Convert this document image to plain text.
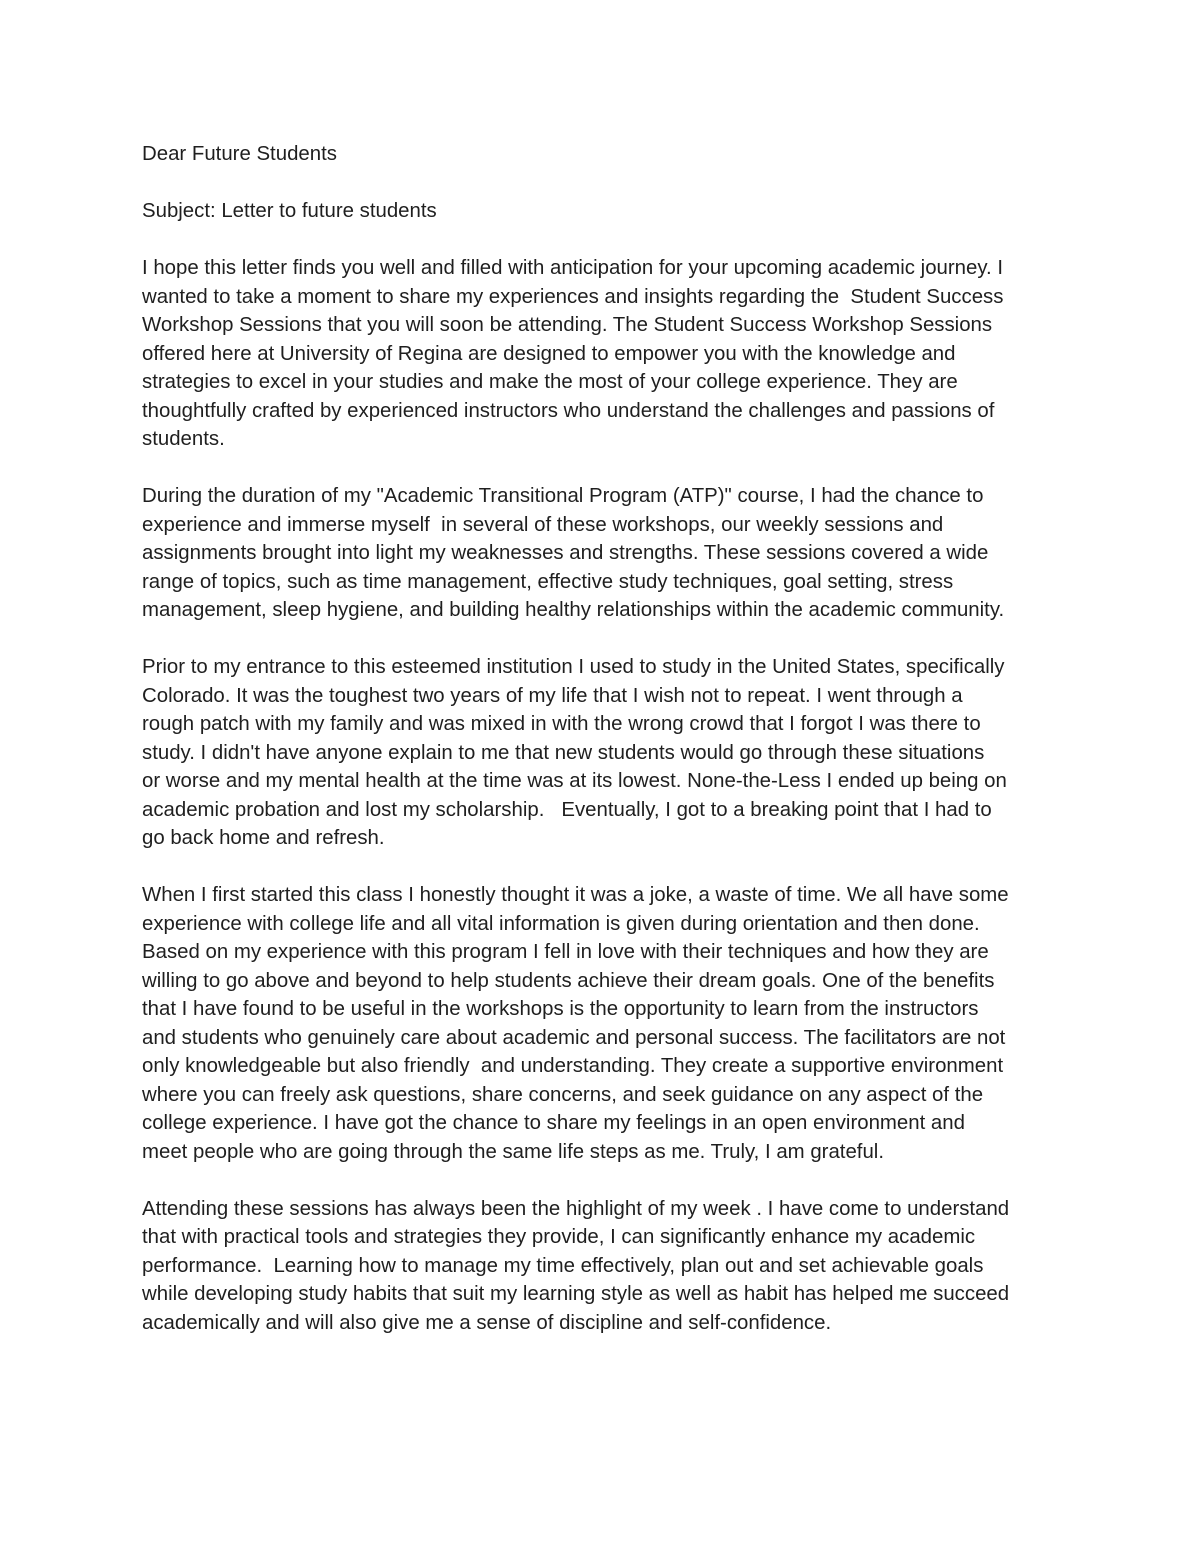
Dear Future Students

Subject: Letter to future students

I hope this letter finds you well and filled with anticipation for your upcoming academic journey. I
wanted to take a moment to share my experiences and insights regarding the  Student Success
Workshop Sessions that you will soon be attending. The Student Success Workshop Sessions
offered here at University of Regina are designed to empower you with the knowledge and
strategies to excel in your studies and make the most of your college experience. They are
thoughtfully crafted by experienced instructors who understand the challenges and passions of
students.

During the duration of my "Academic Transitional Program (ATP)" course, I had the chance to
experience and immerse myself  in several of these workshops, our weekly sessions and
assignments brought into light my weaknesses and strengths. These sessions covered a wide
range of topics, such as time management, effective study techniques, goal setting, stress
management, sleep hygiene, and building healthy relationships within the academic community.

Prior to my entrance to this esteemed institution I used to study in the United States, specifically
Colorado. It was the toughest two years of my life that I wish not to repeat. I went through a
rough patch with my family and was mixed in with the wrong crowd that I forgot I was there to
study. I didn't have anyone explain to me that new students would go through these situations
or worse and my mental health at the time was at its lowest. None-the-Less I ended up being on
academic probation and lost my scholarship.   Eventually, I got to a breaking point that I had to
go back home and refresh.

When I first started this class I honestly thought it was a joke, a waste of time. We all have some
experience with college life and all vital information is given during orientation and then done.
Based on my experience with this program I fell in love with their techniques and how they are
willing to go above and beyond to help students achieve their dream goals. One of the benefits
that I have found to be useful in the workshops is the opportunity to learn from the instructors
and students who genuinely care about academic and personal success. The facilitators are not
only knowledgeable but also friendly  and understanding. They create a supportive environment
where you can freely ask questions, share concerns, and seek guidance on any aspect of the
college experience. I have got the chance to share my feelings in an open environment and
meet people who are going through the same life steps as me. Truly, I am grateful.

Attending these sessions has always been the highlight of my week . I have come to understand
that with practical tools and strategies they provide, I can significantly enhance my academic
performance.  Learning how to manage my time effectively, plan out and set achievable goals
while developing study habits that suit my learning style as well as habit has helped me succeed
academically and will also give me a sense of discipline and self-confidence.
